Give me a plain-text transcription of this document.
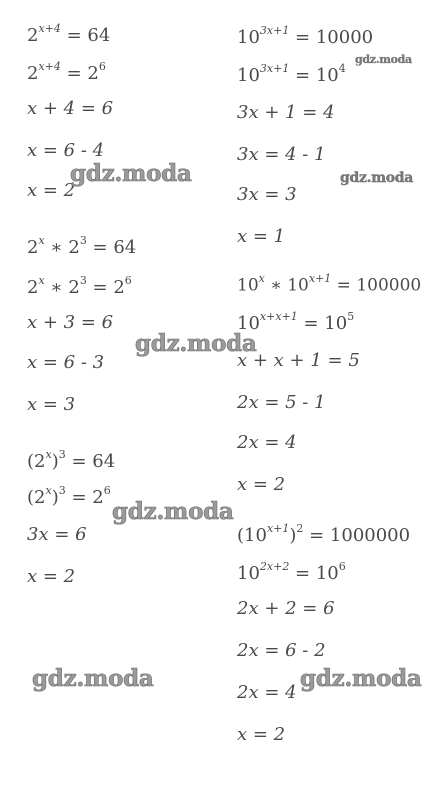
$2^{x+4} = 64$
$2^{x+4} = 2^6$
x + 4 = 6
x = 6 - 4
x = 2
2$^x$ ∗ $2^3 = 64$
2$^x$ ∗ $2^3 = 2^6$
x + 3 = 6
x = 6 - 3
x = 3
$(2^x)^3 = 64$
$(2^x)^3 = 2^6$
3x = 6
x = 2
$10^{3x+1} = 10000$
$10^{3x+1} = 10^4$
3x + 1 = 4
3x = 4 - 1
3x = 3
x = 1
10$^x$ ∗ $10^{x+1} = 100000$
$10^{x+x+1} = 10^5$
x + x + 1 = 5
2x = 5 - 1
2x = 4
x = 2
$(10^{x+1})^2 = 1000000$
$10^{2x+2} = 10^6$
2x + 2 = 6
2x = 6 - 2
2x = 4
x = 2
gdz.moda
gdz.moda	gdz.moda
gdz.moda
gdz.moda
gdz.moda	gdz.moda
